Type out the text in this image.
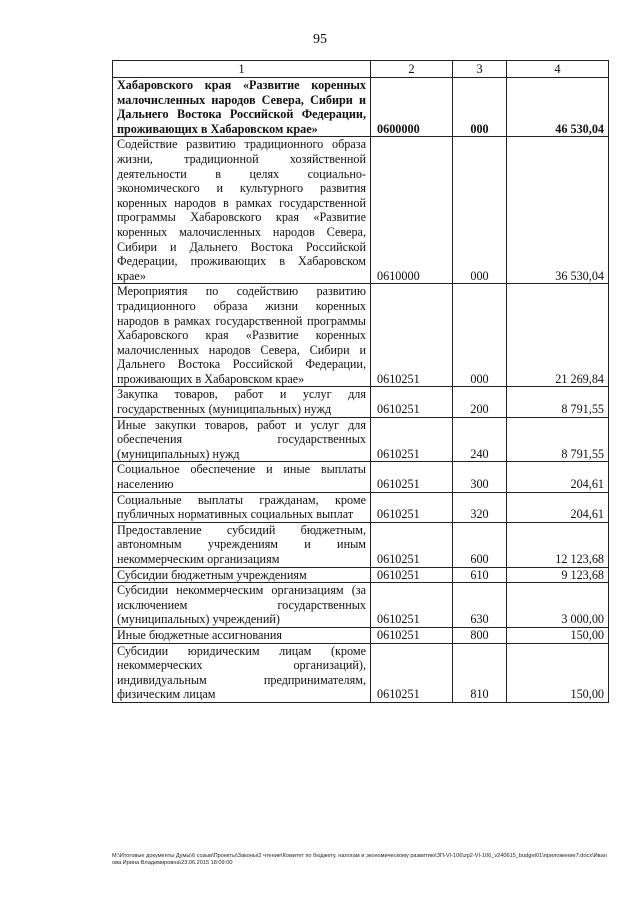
95
1	2	3	4
Хабаровского края «Развитие коренных малочисленных народов Севера, Сибири и Дальнего Востока Российской Федерации, проживающих в Хабаровском крае»	0600000	000	46 530,04
Содействие развитию традиционного образа жизни, традиционной хозяйственной деятельности в целях социально-экономического и культурного развития коренных народов в рамках государственной программы Хабаровского края «Развитие коренных малочисленных народов Севера, Сибири и Дальнего Востока Российской Федерации, проживающих в Хабаровском крае»	0610000	000	36 530,04
Мероприятия по содействию развитию традиционного образа жизни коренных народов в рамках государственной программы Хабаровского края «Развитие коренных малочисленных народов Севера, Сибири и Дальнего Востока Российской Федерации, проживающих в Хабаровском крае»	0610251	000	21 269,84
Закупка товаров, работ и услуг для государственных (муниципальных) нужд	0610251	200	8 791,55
Иные закупки товаров, работ и услуг для обеспечения государственных (муниципальных) нужд	0610251	240	8 791,55
Социальное обеспечение и иные выплаты населению	0610251	300	204,61
Социальные выплаты гражданам, кроме публичных нормативных социальных выплат	0610251	320	204,61
Предоставление субсидий бюджетным, автономным учреждениям и иным некоммерческим организациям	0610251	600	12 123,68
Субсидии бюджетным учреждениям	0610251	610	9 123,68
Субсидии некоммерческим организациям (за исключением государственных (муниципальных) учреждений)	0610251	630	3 000,00
Иные бюджетные ассигнования	0610251	800	150,00
Субсидии юридическим лицам (кроме некоммерческих организаций), индивидуальным предпринимателям, физическим лицам	0610251	810	150,00
М:\Итоговые документы Думы\6 созыв\Проекты\Законы\2 чтение\Комитет по бюджету, налогам и экономическому развитию\ЗП-VI-106\zp2-VI-106_v240615_budget01\приложение7.docx\Иванова Ирина Владимировна\23.06.2015 18:09:00
